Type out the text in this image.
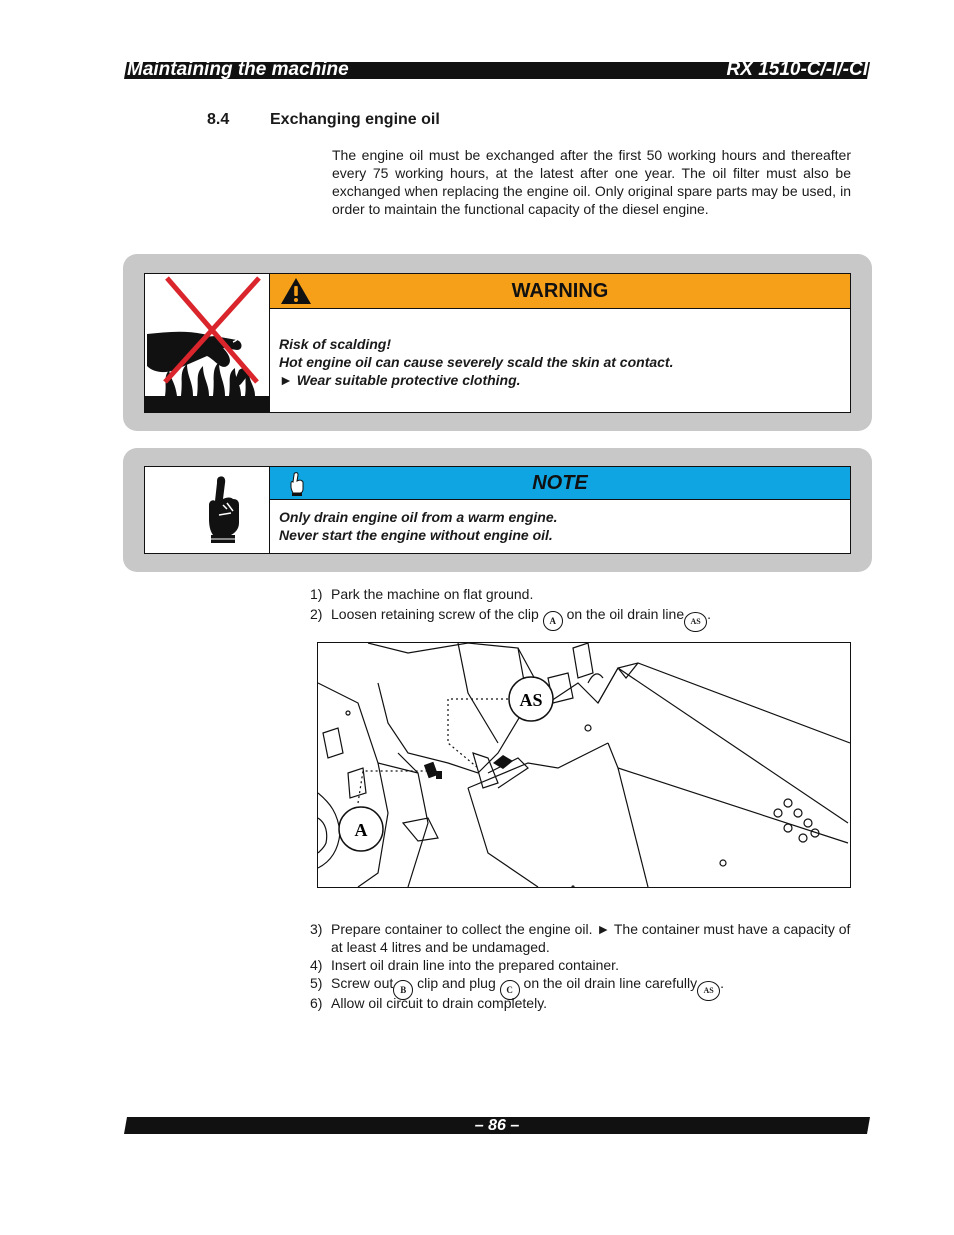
Maintaining the machine	RX 1510-C/-I/-CI
8.4	Exchanging engine oil
The engine oil must be exchanged after the first 50 working hours and thereafter every 75 working hours, at the latest after one year. The oil filter must also be exchanged when replacing the engine oil. Only original spare parts may be used, in order to maintain the functional capacity of the diesel engine.
WARNING
Risk of scalding!
Hot engine oil can cause severely scald the skin at contact.
► Wear suitable protective clothing.
NOTE
Only drain engine oil from a warm engine.
Never start the engine without engine oil.
1) Park the machine on flat ground.
2) Loosen retaining screw of the clip A on the oil drain line AS .
AS
A
3) Prepare container to collect the engine oil. ► The container must have a capacity of at least 4 litres and be undamaged.
4) Insert oil drain line into the prepared container.
5) Screw out B clip and plug C on the oil drain line carefully AS .
6) Allow oil circuit to drain completely.
– 86 –
